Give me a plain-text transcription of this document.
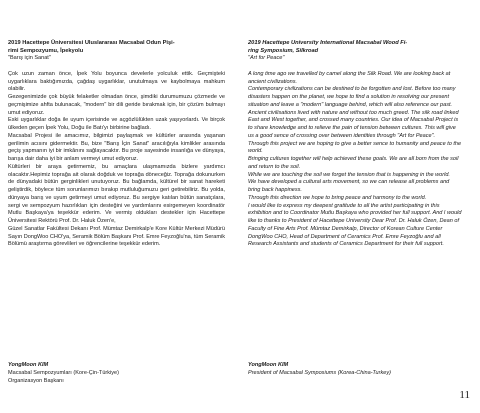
2019 Hacettepe Üniversitesi Uluslararası Macsabal Odun Pişi-
rimi Sempozyumu, İpekyolu

"Barış için Sanat"

Çok uzun zaman önce, İpek Yolu boyunca develerle yolculuk ettik. Geçmişteki uygarlıklara baktığımızda, çağdaş uygarlıklar, unutulmaya ve kaybolmaya mahkum olabilir.

Gezegenimizde çok büyük felaketler olmadan önce, şimdiki durumumuzu çözmede ve geçmişimize ahfta bulunacak, "modern" bir dili geride bırakmak için, bir çözüm bulmayı umut ediyoruz.

Eski uygarlıklar doğa ile uyum içerisinde ve açgözlülükten uzak yaşıyorlardı. Ve birçok ülkeden geçen İpek Yolu, Doğu ile Batı'yı birbirine bağladı.

Macsabal Projesi ile amacımız, bilgimizi paylaşmak ve kültürler arasında yaşanan gerilimin acısını gidermektir. Bu, bize "Barış İçin Sanat" aracılığıyla kimlikler arasında geçiş yapmanın iyi bir imkânını sağlayacaktır. Bu proje sayesinde insanlığa ve dünyaya, barışa dair daha iyi bir anlam vermeyi umut ediyoruz.

Kültürleri bir araya getirmemiz, bu amaçlara ulaşmamızda bizlere yardımcı olacaktır.Hepimiz toprağa ait olarak doğduk ve toprağa döneceğiz. Toprağa dokunurken de dünyadaki bütün gerginlikleri unutuyoruz. Bu bağlamda, kültürel bir sanat hareketi geliştirdik, böylece tüm sorunlarımızı bırakıp mutluluğumuzu geri getirebiliriz. Bu yolda, dünyaya barış ve uyum getirmeyi umut ediyoruz. Bu sergiye katılan bütün sanatçılara, sergi ve sempozyum hazırlıkları için desteğini ve yardımlarını esirgemeyen koordinatör Mutlu Başkaya'ya teşekkür ederim. Ve vermiş oldukları destekler için Hacettepe Üniversitesi Rektörü Prof. Dr. Haluk Özen'e,

Güzel Sanatlar Fakültesi Dekanı Prof. Mümtaz Demirkalp'e Kore Kültür Merkezi Müdürü Sayın DongWoo CHO'ya, Seramik Bölüm Başkanı Prof. Emre Feyzoğlu'na, tüm Seramik Bölümü araştırma görevlileri ve öğrencilerine teşekkür ederim.

2019 Hacettepe University International Macsabal Wood Fi-
ring Symposium, Silkroad

"Art for Peace"

A long time ago we travelled by camel along the Silk Road. We are looking back at ancient civilizations.

Contemporary civilizations can be destined to be forgotten and lost. Before too many disasters happen on the planet, we hope to find a solution in resolving our present situation and leave a "modern" language behind, which will also reference our past.

Ancient civilisations lived with nature and without too much greed. The silk road linked East and West together, and crossed many countries. Our idea of Macsabal Project is to share knowledge and to relieve the pain of tension between cultures. This will give us a good sence of crossing over between identities through "Art for Peace".

Through this project we are hoping to give a better sence to humanity and peace to the world.

Bringing cultures together will help achieved these goals. We are all born from the soil and return to the soil.

While we are touching the soil we forget the tension that is happening in the world.

We have developed a cultural arts movement, so we can release all problems and bring back happiness.

Through this direction we hope to bring peace and harmony to the world.

I would like to express my deepest gratitude to all the artist participating in this exhibition and to Coordinator Mutlu Başkaya who provided her full support. And I would like to thanks to President of Hacettepe University Dear Prof. Dr. Haluk Özen, Dean of Faculty of Fine Arts Prof. Mümtaz Demirkalp, Director of Korean Culture Center DongWoo CHO, Head of Department of Ceramics Prof. Emre Feyzoğlu and all Research Assistants and students of Ceramics Department for their full support.

YongMoon KIM

Macsabal Sempozyumları (Kore-Çin-Türkiye)

Organizasyon Başkanı

YongMoon KIM

President of Macsabal Symposiums (Korea-China-Turkey)

11
